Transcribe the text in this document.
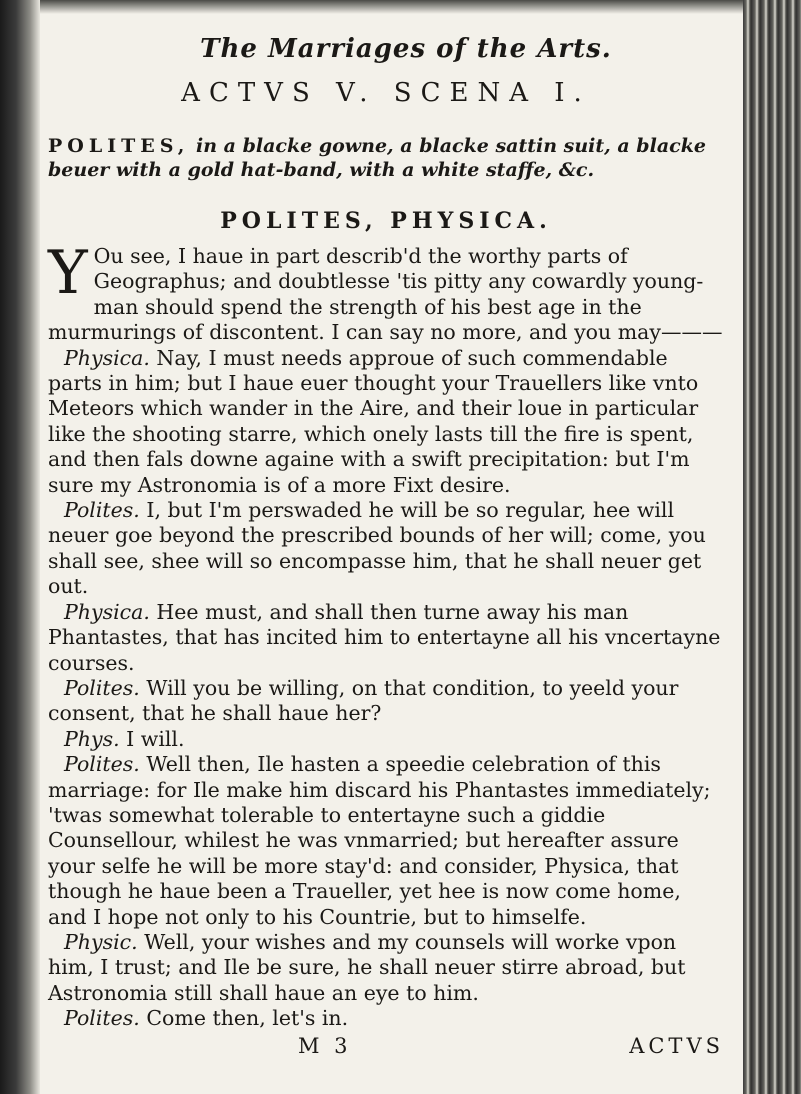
The Marriages of the Arts.
ACTVS V. SCENA I.
POLITES, in a blacke gowne, a blacke sattin suit, a blacke beuer with a gold hat-band, with a white staffe, &c.
POLITES, PHYSICA.

Y Ou see, I haue in part describ'd the worthy parts of Geographus; and doubtlesse 'tis pitty any cowardly young-man should spend the strength of his best age in the murmurings of discontent. I can say no more, and you may———

Physica. Nay, I must needs approue of such commendable parts in him; but I haue euer thought your Trauellers like vnto Meteors which wander in the Aire, and their loue in particular like the shooting starre, which onely lasts till the fire is spent, and then fals downe againe with a swift precipitation: but I'm sure my Astronomia is of a more Fixt desire.

Polites. I, but I'm perswaded he will be so regular, hee will neuer goe beyond the prescribed bounds of her will; come, you shall see, shee will so encompasse him, that he shall neuer get out.

Physica. Hee must, and shall then turne away his man Phantastes, that has incited him to entertayne all his vncertayne courses.

Polites. Will you be willing, on that condition, to yeeld your consent, that he shall haue her?

Phys. I will.

Polites. Well then, Ile hasten a speedie celebration of this marriage: for Ile make him discard his Phantastes immediately; 'twas somewhat tolerable to entertayne such a giddie Counsellour, whilest he was vnmarried; but hereafter assure your selfe he will be more stay'd: and consider, Physica, that though he haue been a Traueller, yet hee is now come home, and I hope not only to his Countrie, but to himselfe.

Physic. Well, your wishes and my counsels will worke vpon him, I trust; and Ile be sure, he shall neuer stirre abroad, but Astronomia still shall haue an eye to him.

Polites. Come then, let's in.

M 3	ACTVS
